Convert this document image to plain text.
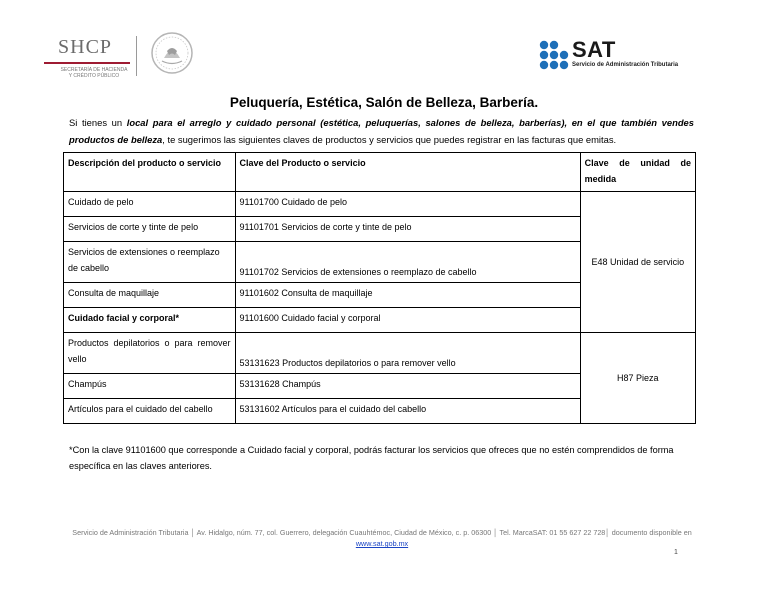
SHCP
SECRETARÍA DE HACIENDA
Y CRÉDITO PÚBLICO
SAT
Servicio de Administración Tributaria
Peluquería, Estética, Salón de Belleza, Barbería.
Si tienes un local para el arreglo y cuidado personal (estética, peluquerías, salones de belleza, barberías), en el que también vendes productos de belleza, te sugerimos las siguientes claves de productos y servicios que puedes registrar en las facturas que emitas.
Descripción del producto o servicio	Clave del Producto o servicio	Clave de unidad de medida
Cuidado de pelo	91101700 Cuidado de pelo	E48 Unidad de servicio
Servicios de corte y tinte de pelo	91101701 Servicios de corte y tinte de pelo	
Servicios de extensiones o reemplazo de cabello	91101702 Servicios de extensiones o reemplazo de cabello	
Consulta de maquillaje	91101602 Consulta de maquillaje	
Cuidado facial y corporal*	91101600 Cuidado facial y corporal	
Productos depilatorios o para remover vello	53131623 Productos depilatorios o para remover vello	H87 Pieza
Champús	53131628 Champús	
Artículos para el cuidado del cabello	53131602 Artículos para el cuidado del cabello	
*Con la clave 91101600 que corresponde a Cuidado facial y corporal, podrás facturar los servicios que ofreces que no estén comprendidos de forma específica en las claves anteriores.
Servicio de Administración Tributaria │ Av. Hidalgo, núm. 77, col. Guerrero, delegación Cuauhtémoc, Ciudad de México, c. p. 06300 │ Tel. MarcaSAT: 01 55 627 22 728│ documento disponible en www.sat.gob.mx
1
